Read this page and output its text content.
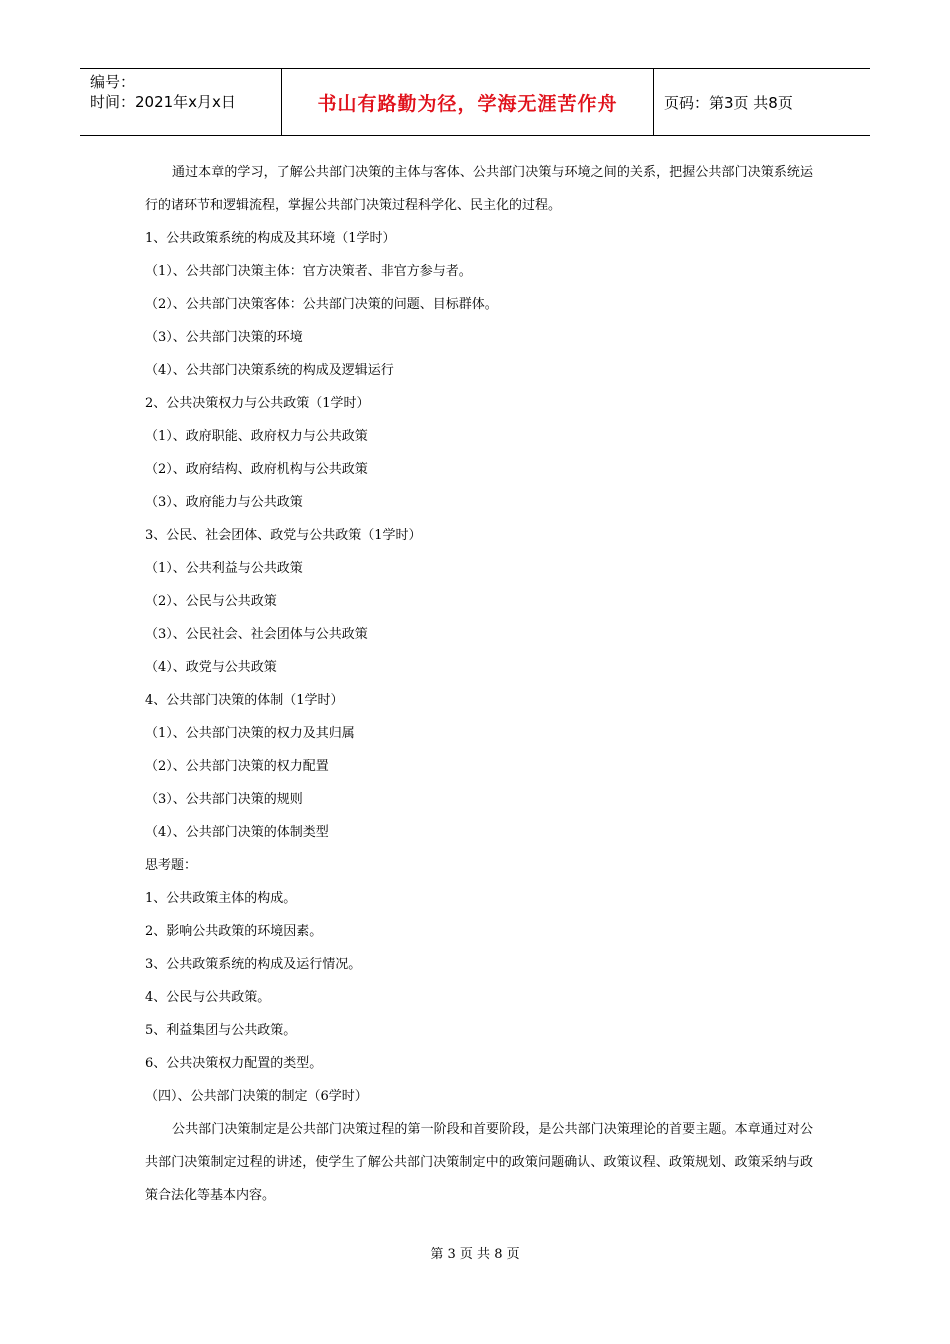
编号：
时间：2021年x月x日	书山有路勤为径，学海无涯苦作舟	页码：第3页 共8页

通过本章的学习，了解公共部门决策的主体与客体、公共部门决策与环境之间的关系，把握公共部门决策系统运行的诸环节和逻辑流程，掌握公共部门决策过程科学化、民主化的过程。

1、公共政策系统的构成及其环境（1学时）

（1）、公共部门决策主体：官方决策者、非官方参与者。

（2）、公共部门决策客体：公共部门决策的问题、目标群体。

（3）、公共部门决策的环境

（4）、公共部门决策系统的构成及逻辑运行

2、公共决策权力与公共政策（1学时）

（1）、政府职能、政府权力与公共政策

（2）、政府结构、政府机构与公共政策

（3）、政府能力与公共政策

3、公民、社会团体、政党与公共政策（1学时）

（1）、公共利益与公共政策

（2）、公民与公共政策

（3）、公民社会、社会团体与公共政策

（4）、政党与公共政策

4、公共部门决策的体制（1学时）

（1）、公共部门决策的权力及其归属

（2）、公共部门决策的权力配置

（3）、公共部门决策的规则

（4）、公共部门决策的体制类型

思考题：

1、公共政策主体的构成。

2、影响公共政策的环境因素。

3、公共政策系统的构成及运行情况。

4、公民与公共政策。

5、利益集团与公共政策。

6、公共决策权力配置的类型。

（四）、公共部门决策的制定（6学时）

公共部门决策制定是公共部门决策过程的第一阶段和首要阶段，是公共部门决策理论的首要主题。本章通过对公共部门决策制定过程的讲述，使学生了解公共部门决策制定中的政策问题确认、政策议程、政策规划、政策采纳与政策合法化等基本内容。

第 3 页 共 8 页
